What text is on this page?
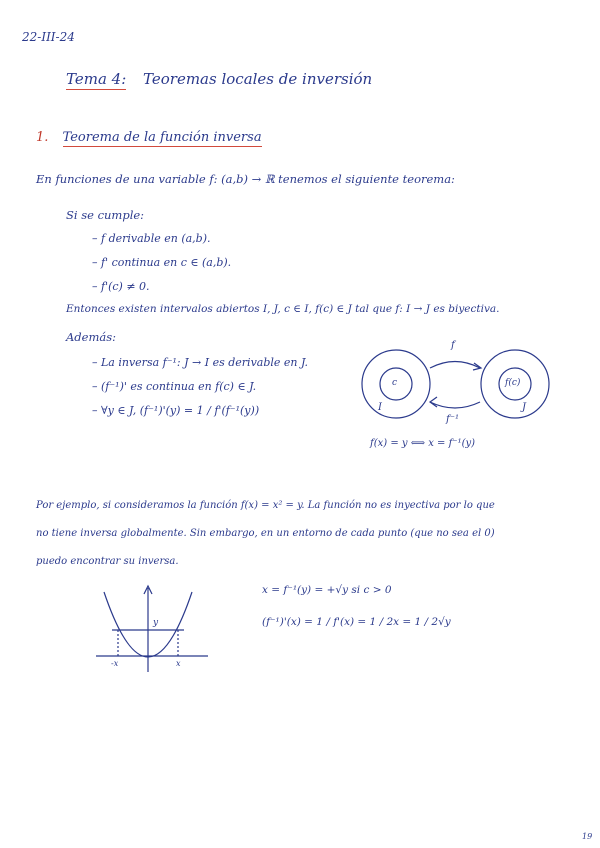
22-III-24
Tema 4: Teoremas locales de inversión
1. Teorema de la función inversa
En funciones de una variable f: (a,b) → ℝ tenemos el siguiente teorema:
Si se cumple:
– f derivable en (a,b).
– f' continua en c ∈ (a,b).
– f'(c) ≠ 0.
Entonces existen intervalos abiertos I, J, c ∈ I, f(c) ∈ J tal que f: I → J es biyectiva.
Además:
– La inversa f⁻¹: J → I es derivable en J.
– (f⁻¹)' es continua en f(c) ∈ J.
– ∀y ∈ J, (f⁻¹)'(y) = 1 / f'(f⁻¹(y))
f
f⁻¹
c	f(c)
I	J
f(x) = y ⟺ x = f⁻¹(y)
Por ejemplo, si consideramos la función f(x) = x² = y. La función no es inyectiva por lo que
no tiene inversa globalmente. Sin embargo, en un entorno de cada punto (que no sea el 0)
puedo encontrar su inversa.
y
-x	x
x = f⁻¹(y) = +√y si c > 0
(f⁻¹)'(x) = 1 / f'(x) = 1 / 2x = 1 / 2√y
19
